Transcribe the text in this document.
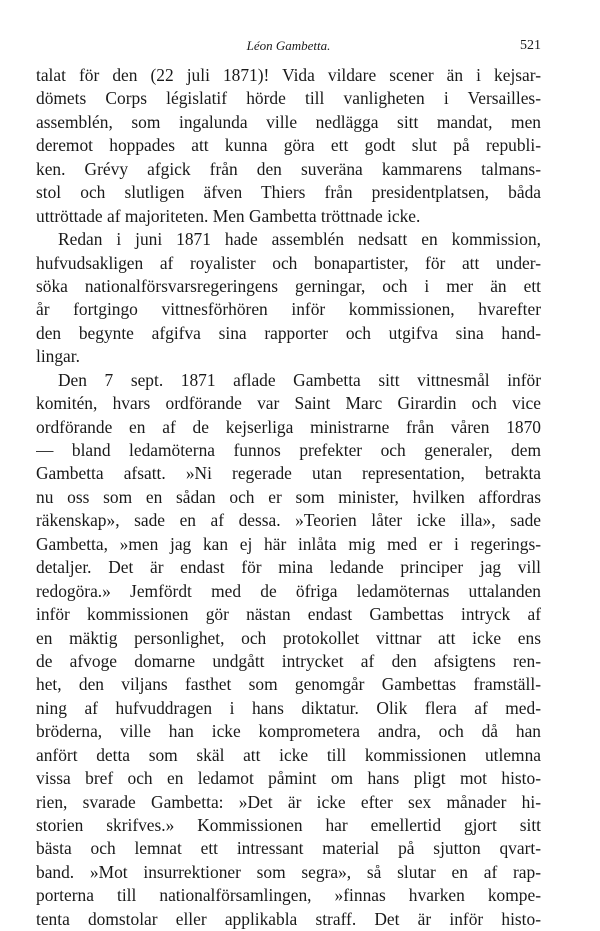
Léon Gambetta.	521
talat för den (22 juli 1871)! Vida vildare scener än i kejsar-
dömets Corps législatif hörde till vanligheten i Versailles-
assemblén, som ingalunda ville nedlägga sitt mandat, men
deremot hoppades att kunna göra ett godt slut på republi-
ken. Grévy afgick från den suveräna kammarens talmans-
stol och slutligen äfven Thiers från presidentplatsen, båda
uttröttade af majoriteten. Men Gambetta tröttnade icke.
Redan i juni 1871 hade assemblén nedsatt en kommission,
hufvudsakligen af royalister och bonapartister, för att under-
söka nationalförsvarsregeringens gerningar, och i mer än ett
år fortgingo vittnesförhören inför kommissionen, hvarefter
den begynte afgifva sina rapporter och utgifva sina hand-
lingar.
Den 7 sept. 1871 aflade Gambetta sitt vittnesmål inför
komitén, hvars ordförande var Saint Marc Girardin och vice
ordförande en af de kejserliga ministrarne från våren 1870
— bland ledamöterna funnos prefekter och generaler, dem
Gambetta afsatt. »Ni regerade utan representation, betrakta
nu oss som en sådan och er som minister, hvilken affordras
räkenskap», sade en af dessa. »Teorien låter icke illa», sade
Gambetta, »men jag kan ej här inlåta mig med er i regerings-
detaljer. Det är endast för mina ledande principer jag vill
redogöra.» Jemfördt med de öfriga ledamöternas uttalanden
inför kommissionen gör nästan endast Gambettas intryck af
en mäktig personlighet, och protokollet vittnar att icke ens
de afvoge domarne undgått intrycket af den afsigtens ren-
het, den viljans fasthet som genomgår Gambettas framställ-
ning af hufvuddragen i hans diktatur. Olik flera af med-
bröderna, ville han icke komprometera andra, och då han
anfört detta som skäl att icke till kommissionen utlemna
vissa bref och en ledamot påmint om hans pligt mot histo-
rien, svarade Gambetta: »Det är icke efter sex månader hi-
storien skrifves.» Kommissionen har emellertid gjort sitt
bästa och lemnat ett intressant material på sjutton qvart-
band. »Mot insurrektioner som segra», så slutar en af rap-
porterna till nationalförsamlingen, »finnas hvarken kompe-
tenta domstolar eller applikabla straff. Det är inför histo-
